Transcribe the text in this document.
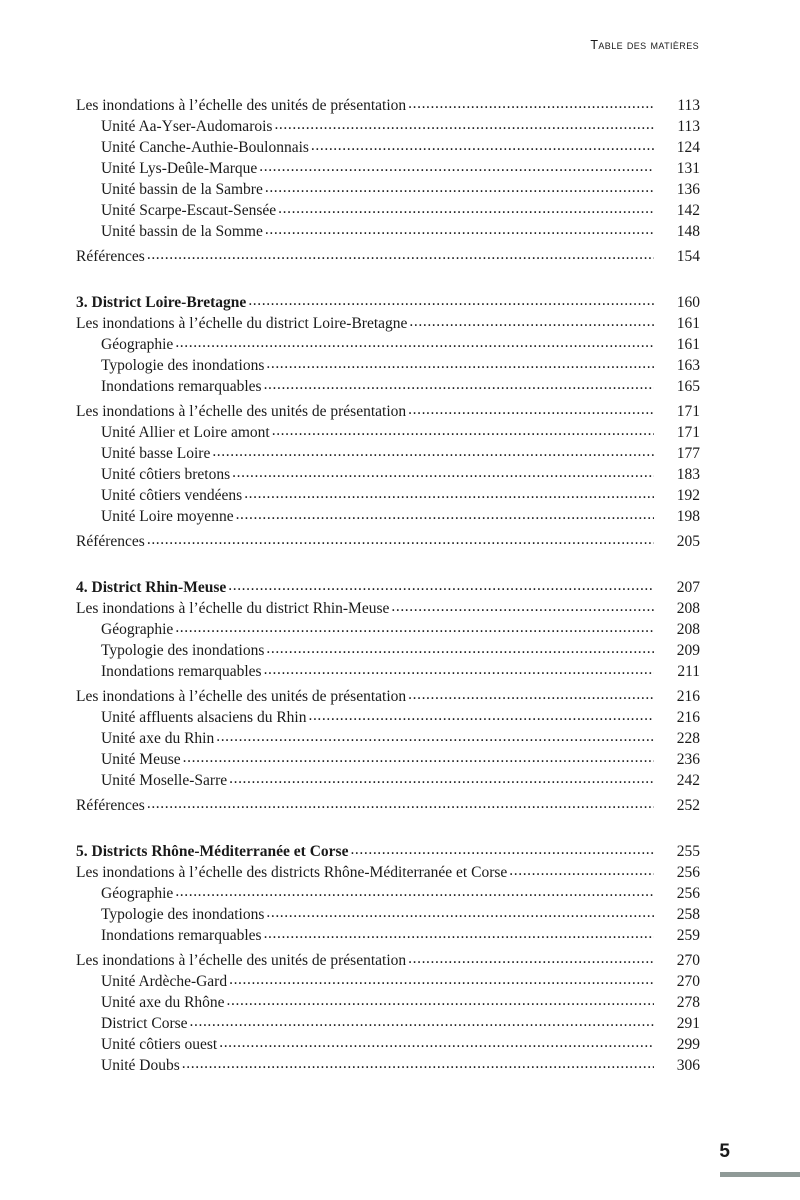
Table des matières
Les inondations à l’échelle des unités de présentation .....	113
Unité Aa-Yser-Audomarois .....	113
Unité Canche-Authie-Boulonnais .....	124
Unité Lys-Deûle-Marque .....	131
Unité bassin de la Sambre .....	136
Unité Scarpe-Escaut-Sensée .....	142
Unité bassin de la Somme .....	148
Références .....	154
3. District Loire-Bretagne .....	160
Les inondations à l’échelle du district Loire-Bretagne .....	161
Géographie .....	161
Typologie des inondations .....	163
Inondations remarquables .....	165
Les inondations à l’échelle des unités de présentation .....	171
Unité Allier et Loire amont .....	171
Unité basse Loire .....	177
Unité côtiers bretons .....	183
Unité côtiers vendéens .....	192
Unité Loire moyenne .....	198
Références .....	205
4. District Rhin-Meuse .....	207
Les inondations à l’échelle du district Rhin-Meuse .....	208
Géographie .....	208
Typologie des inondations .....	209
Inondations remarquables .....	211
Les inondations à l’échelle des unités de présentation .....	216
Unité affluents alsaciens du Rhin .....	216
Unité axe du Rhin .....	228
Unité Meuse .....	236
Unité Moselle-Sarre .....	242
Références .....	252
5. Districts Rhône-Méditerranée et Corse .....	255
Les inondations à l’échelle des districts Rhône-Méditerranée et Corse .....	256
Géographie .....	256
Typologie des inondations .....	258
Inondations remarquables .....	259
Les inondations à l’échelle des unités de présentation .....	270
Unité Ardèche-Gard .....	270
Unité axe du Rhône .....	278
District Corse .....	291
Unité côtiers ouest .....	299
Unité Doubs .....	306
5
